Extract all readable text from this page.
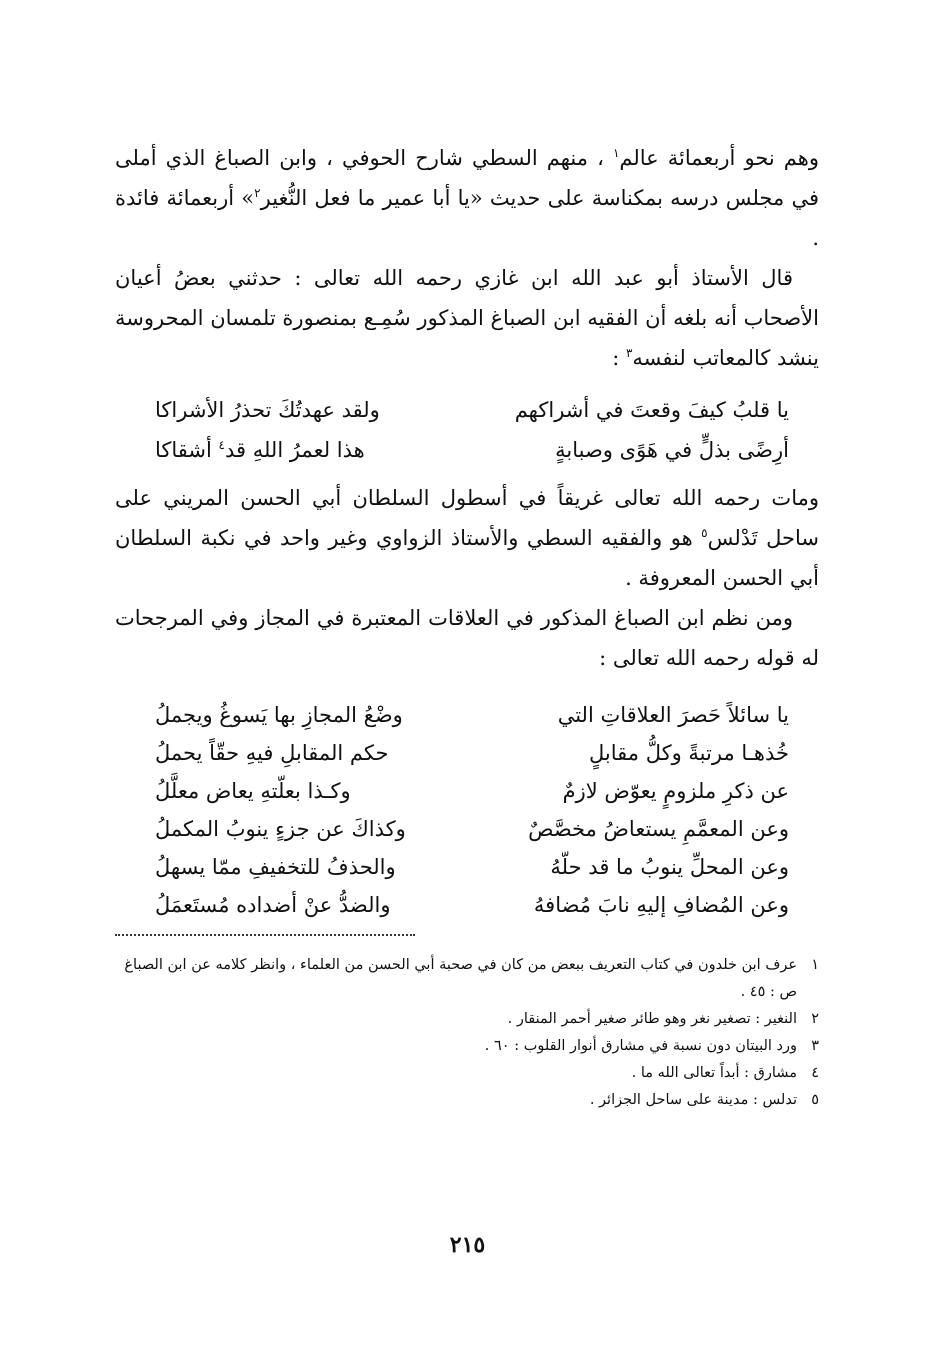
وهم نحو أربعمائة عالم$^١$ ، منهم السطي شارح الحوفي ، وابن الصباغ الذي أملى في مجلس درسه بمكناسة على حديث «يا أبا عمير ما فعل النُّغير$^٢$» أربعمائة فائدة .

قال الأستاذ أبو عبد الله ابن غازي رحمه الله تعالى : حدثني بعضُ أعيان الأصحاب أنه بلغه أن الفقيه ابن الصباغ المذكور سُمِـع بمنصورة تلمسان المحروسة ينشد كالمعاتب لنفسه$^٣$ :

يا قلبُ كيفَ وقعتَ في أشراكهم
ولقد عهدتُكَ تحذرُ الأشراكا
أرِضًى بذلٍّ في هَوًى وصبابةٍ
هذا لعمرُ اللهِ قد$^٤$ أشقاكا

ومات رحمه الله تعالى غريقاً في أسطول السلطان أبي الحسن المريني على ساحل تَدْلس$^٥$ هو والفقيه السطي والأستاذ الزواوي وغير واحد في نكبة السلطان أبي الحسن المعروفة .

ومن نظم ابن الصباغ المذكور في العلاقات المعتبرة في المجاز وفي المرجحات له قوله رحمه الله تعالى :

يا سائلاً حَصرَ العلاقاتِ التي
وضْعُ المجازِ بها يَسوغُ ويجملُ
خُذهـا مرتبةً وكلُّ مقابلٍ
حكم المقابلِ فيهِ حقّاً يحملُ
عن ذكرِ ملزومٍ يعوّض لازمٌ
وكـذا بعلّتهِ يعاض معلَّلُ
وعن المعمَّمِ يستعاضُ مخصَّصٌ
وكذاكَ عن جزءٍ ينوبُ المكملُ
وعن المحلِّ ينوبُ ما قد حلّهُ
والحذفُ للتخفيفِ ممّا يسهلُ
وعن المُضافِ إليهِ نابَ مُضافهُ
والضدُّ عنْ أضداده مُستَعمَلُ
١
عرف ابن خلدون في كتاب التعريف ببعض من كان في صحبة أبي الحسن من العلماء ، وانظر كلامه عن ابن الصباغ ص : ٤٥ .
٢
النغير : تصغير نغر وهو طائر صغير أحمر المنقار .
٣
ورد البيتان دون نسبة في مشارق أنوار القلوب : ٦٠ .
٤
مشارق : أبداً تعالى الله ما .
٥
تدلس : مدينة على ساحل الجزائر .
٢١٥
